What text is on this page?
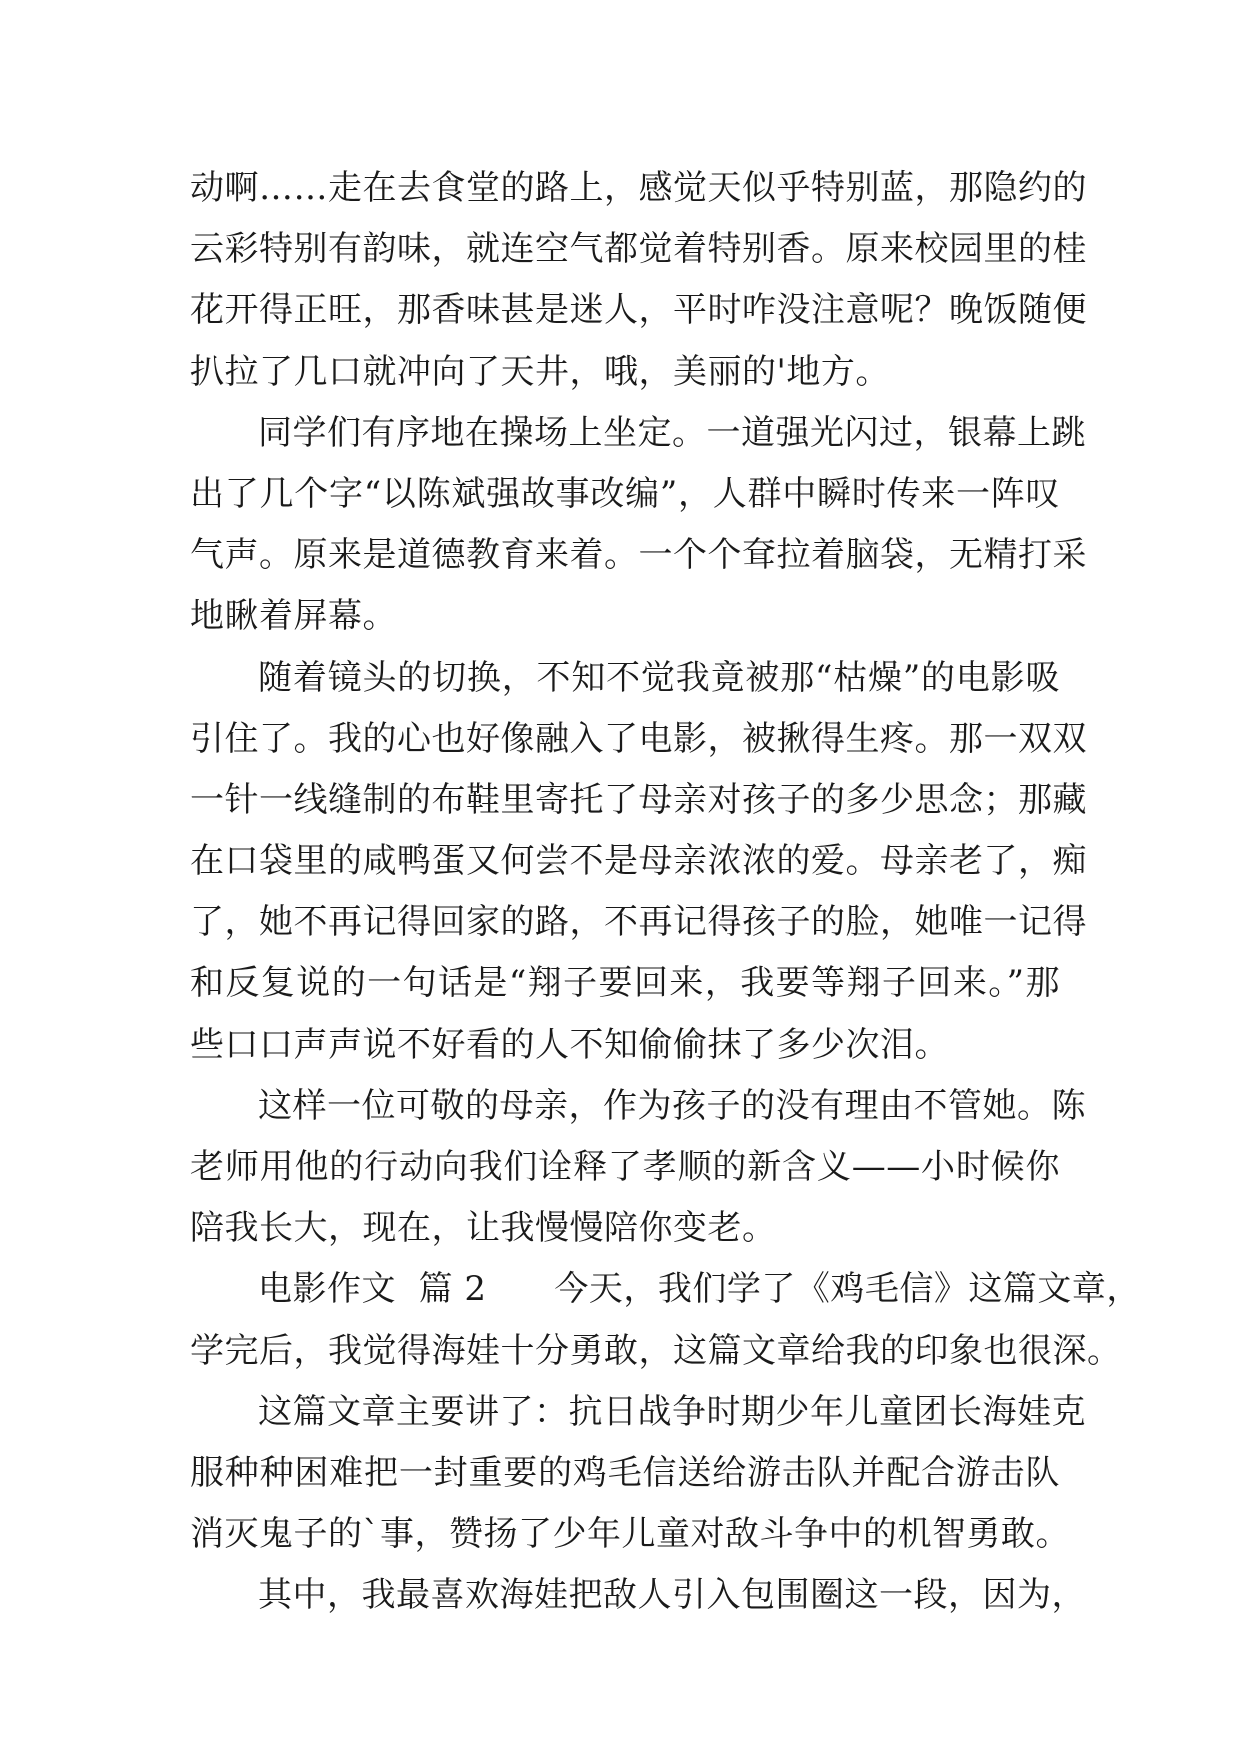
动啊……走在去食堂的路上，感觉天似乎特别蓝，那隐约的
云彩特别有韵味，就连空气都觉着特别香。原来校园里的桂
花开得正旺，那香味甚是迷人，平时咋没注意呢？晚饭随便
扒拉了几口就冲向了天井，哦，美丽的'地方。
同学们有序地在操场上坐定。一道强光闪过，银幕上跳
出了几个字“以陈斌强故事改编”，人群中瞬时传来一阵叹
气声。原来是道德教育来着。一个个耷拉着脑袋，无精打采
地瞅着屏幕。
随着镜头的切换，不知不觉我竟被那“枯燥”的电影吸
引住了。我的心也好像融入了电影，被揪得生疼。那一双双
一针一线缝制的布鞋里寄托了母亲对孩子的多少思念；那藏
在口袋里的咸鸭蛋又何尝不是母亲浓浓的爱。母亲老了，痴
了，她不再记得回家的路，不再记得孩子的脸，她唯一记得
和反复说的一句话是“翔子要回来，我要等翔子回来。”那
些口口声声说不好看的人不知偷偷抹了多少次泪。
这样一位可敬的母亲，作为孩子的没有理由不管她。陈
老师用他的行动向我们诠释了孝顺的新含义——小时候你
陪我长大，现在，让我慢慢陪你变老。
电影作文  篇 2      今天，我们学了《鸡毛信》这篇文章，
学完后，我觉得海娃十分勇敢，这篇文章给我的印象也很深。
这篇文章主要讲了：抗日战争时期少年儿童团长海娃克
服种种困难把一封重要的鸡毛信送给游击队并配合游击队
消灭鬼子的`事，赞扬了少年儿童对敌斗争中的机智勇敢。
其中，我最喜欢海娃把敌人引入包围圈这一段，因为，
